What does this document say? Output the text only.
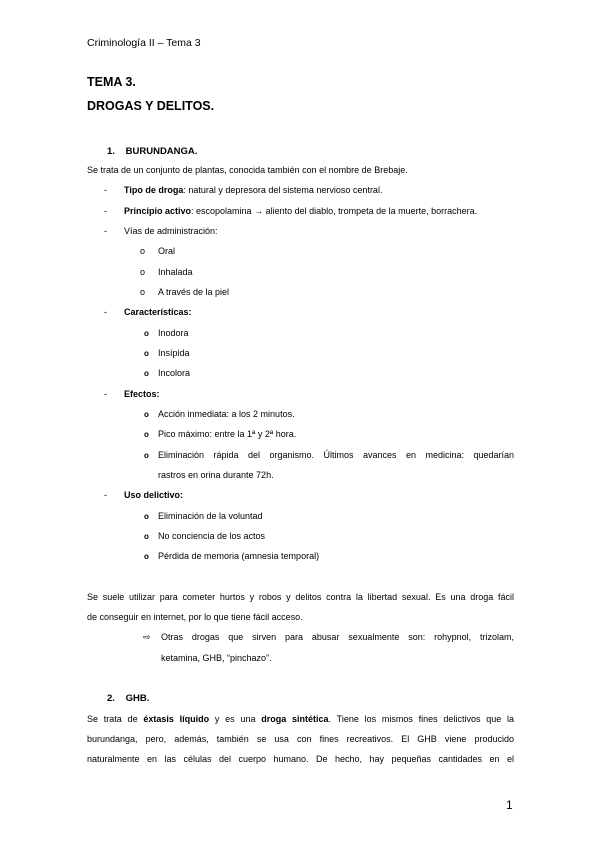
Criminología II – Tema 3
TEMA 3.
DROGAS Y DELITOS.
1. BURUNDANGA.
Se trata de un conjunto de plantas, conocida también con el nombre de Brebaje.
- Tipo de droga: natural y depresora del sistema nervioso central.
- Principio activo: escopolamina → aliento del diablo, trompeta de la muerte, borrachera.
- Vías de administración:
o Oral
o Inhalada
o A través de la piel
- Características:
o Inodora
o Insípida
o Incolora
- Efectos:
o Acción inmediata: a los 2 minutos.
o Pico máximo: entre la 1ª y 2ª hora.
o Eliminación rápida del organismo. Últimos avances en medicina: quedarían
rastros en orina durante 72h.
- Uso delictivo:
o Eliminación de la voluntad
o No conciencia de los actos
o Pérdida de memoria (amnesia temporal)
Se suele utilizar para cometer hurtos y robos y delitos contra la libertad sexual. Es una droga fácil
de conseguir en internet, por lo que tiene fácil acceso.
⇨ Otras drogas que sirven para abusar sexualmente son: rohypnol, trizolam,
ketamina, GHB, “pinchazo”.
2. GHB.
Se trata de éxtasis líquido y es una droga sintética. Tiene los mismos fines delictivos que la
burundanga, pero, además, también se usa con fines recreativos. El GHB viene producido
naturalmente en las células del cuerpo humano. De hecho, hay pequeñas cantidades en el
1
